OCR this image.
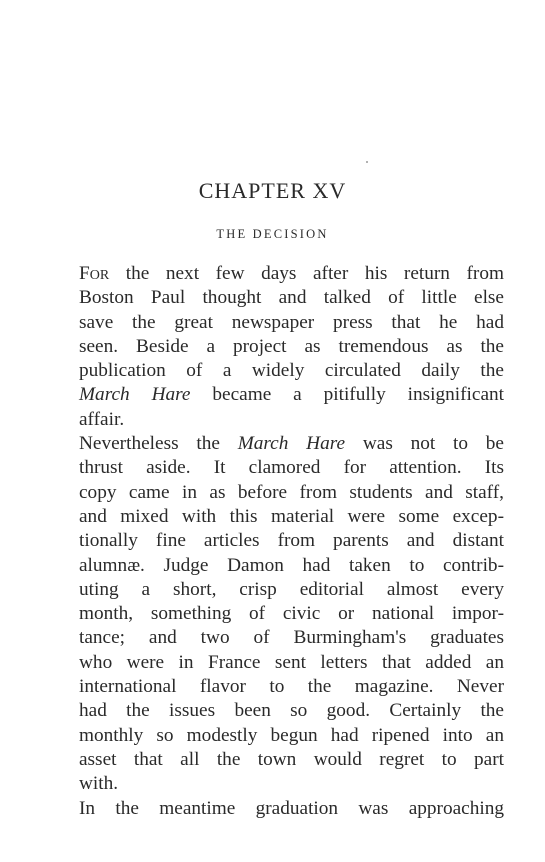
CHAPTER XV
THE DECISION
For the next few days after his return from
Boston Paul thought and talked of little else
save the great newspaper press that he had
seen. Beside a project as tremendous as the
publication of a widely circulated daily the
March Hare became a pitifully insignificant
affair.
Nevertheless the March Hare was not to be
thrust aside. It clamored for attention. Its
copy came in as before from students and staff,
and mixed with this material were some excep-
tionally fine articles from parents and distant
alumnæ. Judge Damon had taken to contrib-
uting a short, crisp editorial almost every
month, something of civic or national impor-
tance; and two of Burmingham's graduates
who were in France sent letters that added an
international flavor to the magazine. Never
had the issues been so good. Certainly the
monthly so modestly begun had ripened into an
asset that all the town would regret to part
with.
In the meantime graduation was approaching
